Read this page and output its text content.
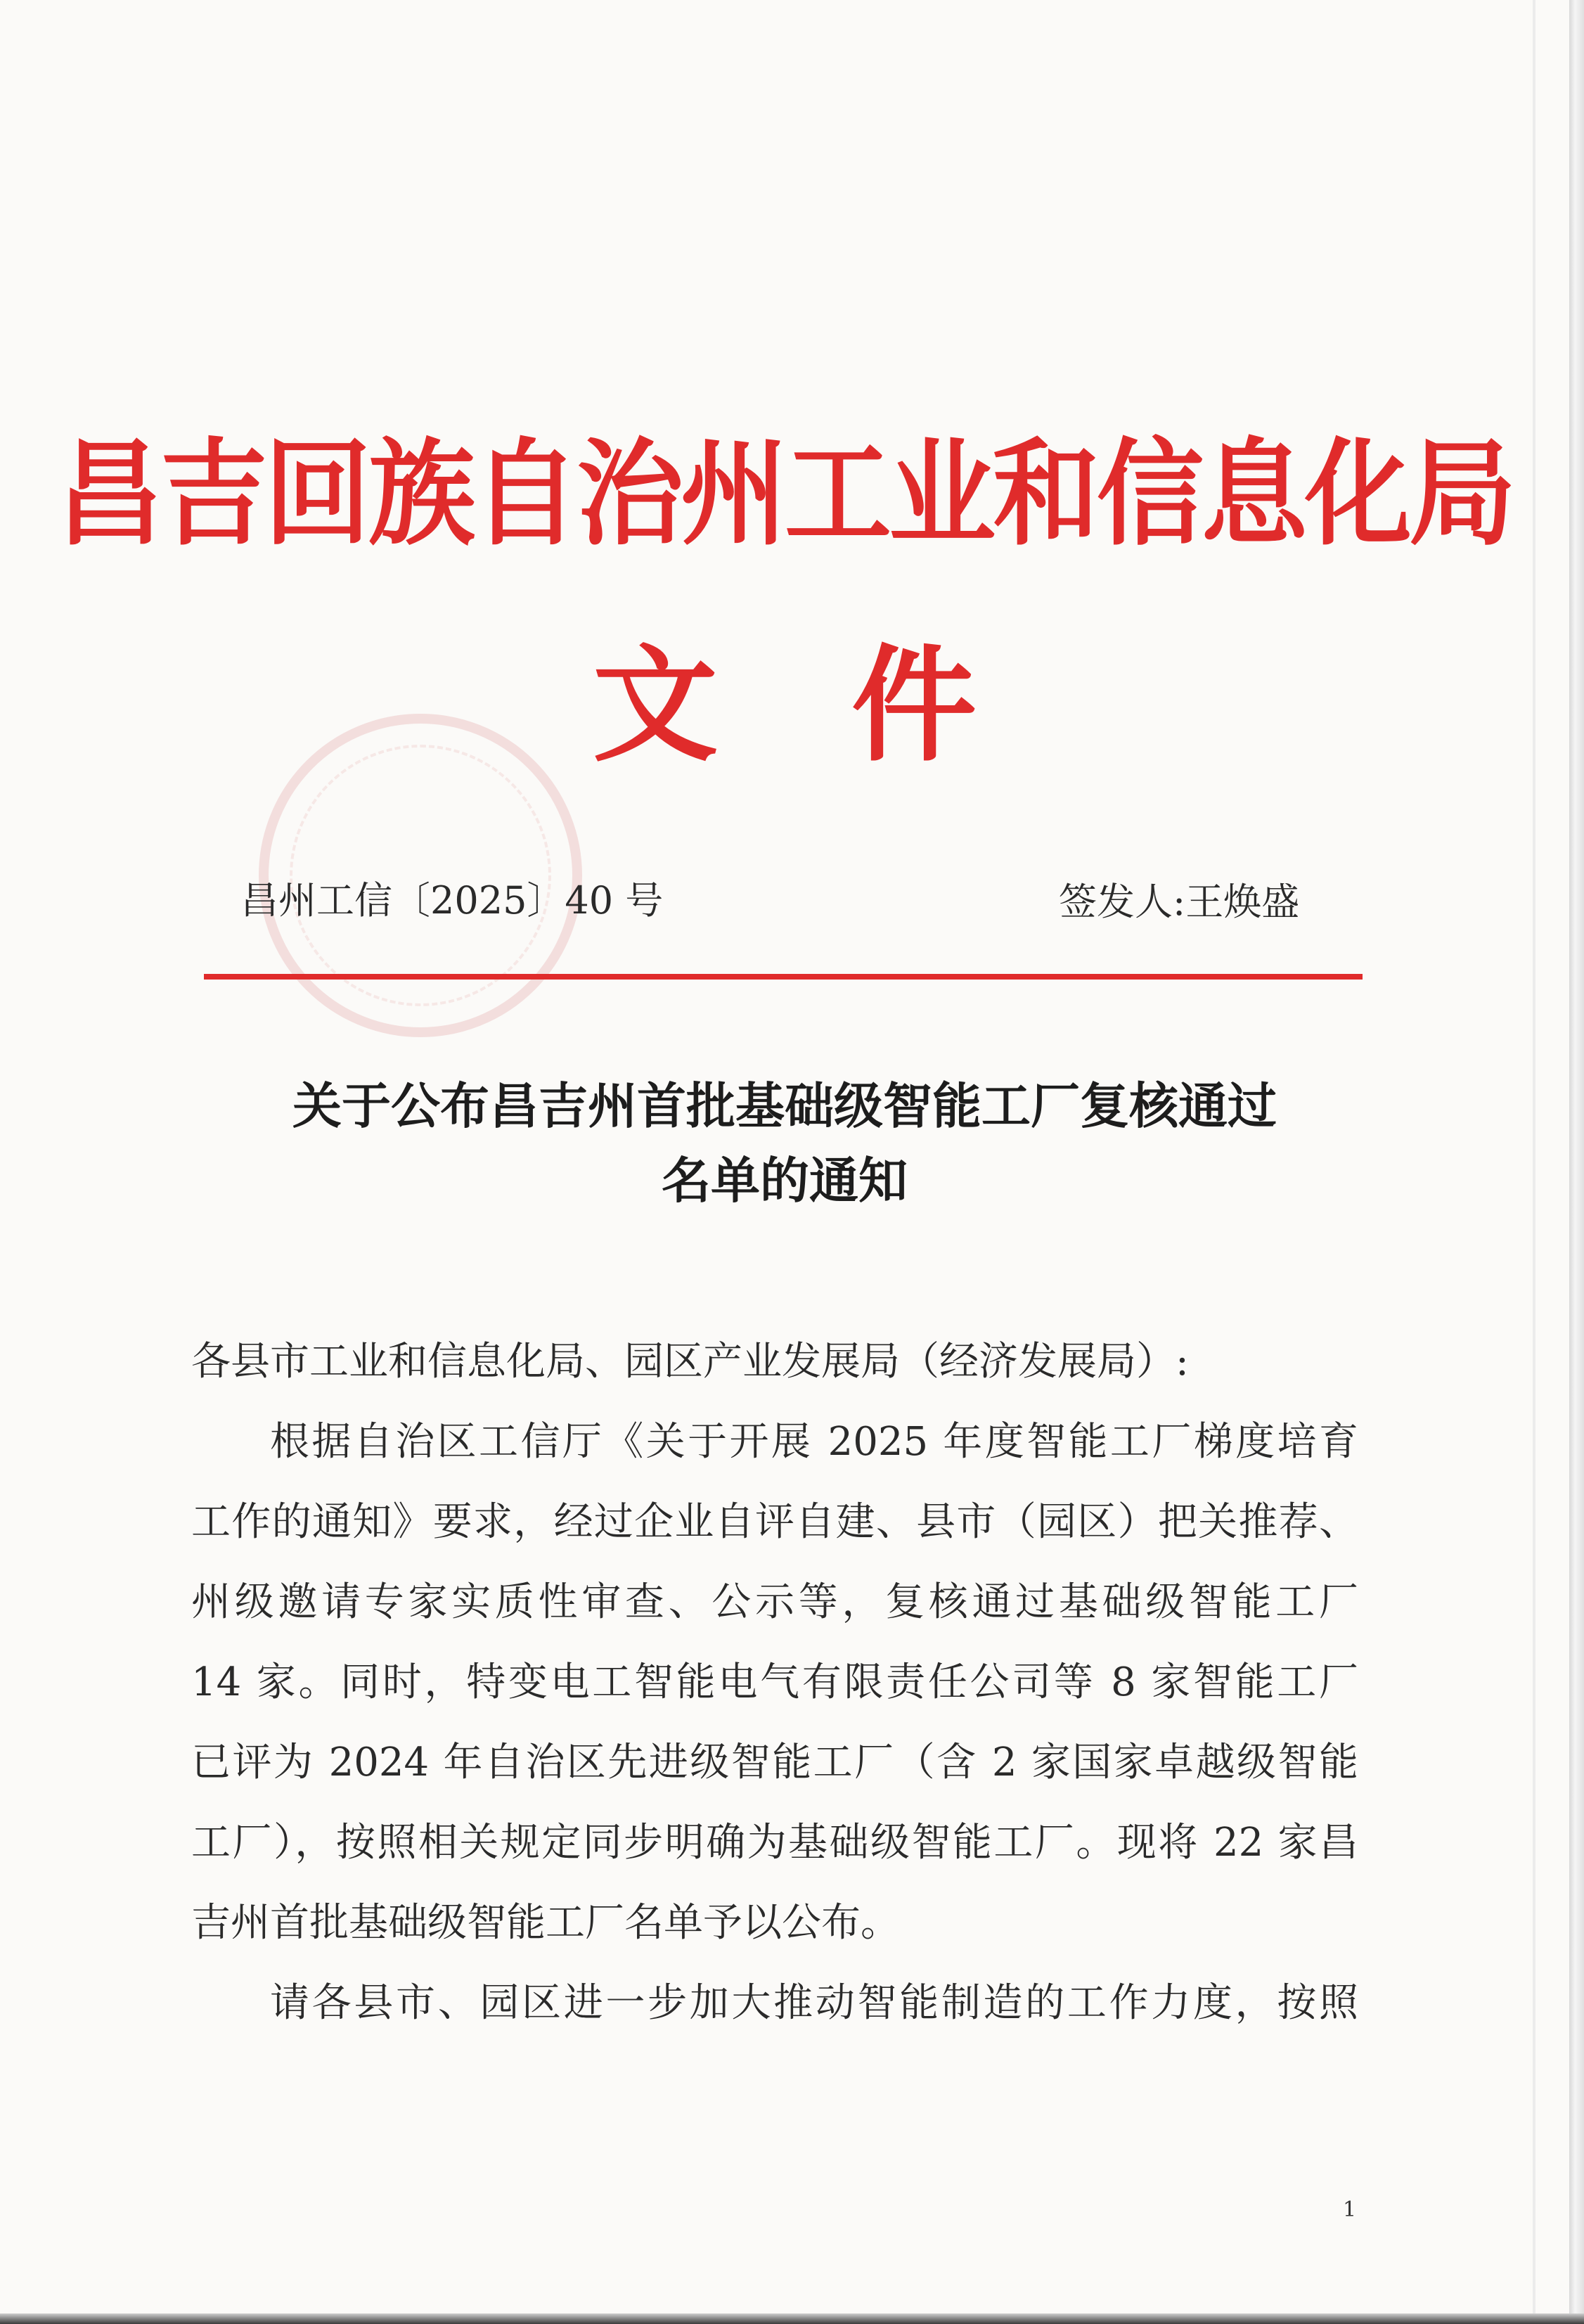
昌吉回族自治州工业和信息化局
文件
昌州工信〔2025〕40 号	签发人:王焕盛
关于公布昌吉州首批基础级智能工厂复核通过
名单的通知
各县市工业和信息化局、园区产业发展局（经济发展局）:
根据自治区工信厅《关于开展 2025 年度智能工厂梯度培育
工作的通知》要求，经过企业自评自建、县市（园区）把关推荐、
州级邀请专家实质性审查、公示等，复核通过基础级智能工厂
14 家。同时，特变电工智能电气有限责任公司等 8 家智能工厂
已评为 2024 年自治区先进级智能工厂（含 2 家国家卓越级智能
工厂），按照相关规定同步明确为基础级智能工厂。现将 22 家昌
吉州首批基础级智能工厂名单予以公布。
请各县市、园区进一步加大推动智能制造的工作力度，按照
1
